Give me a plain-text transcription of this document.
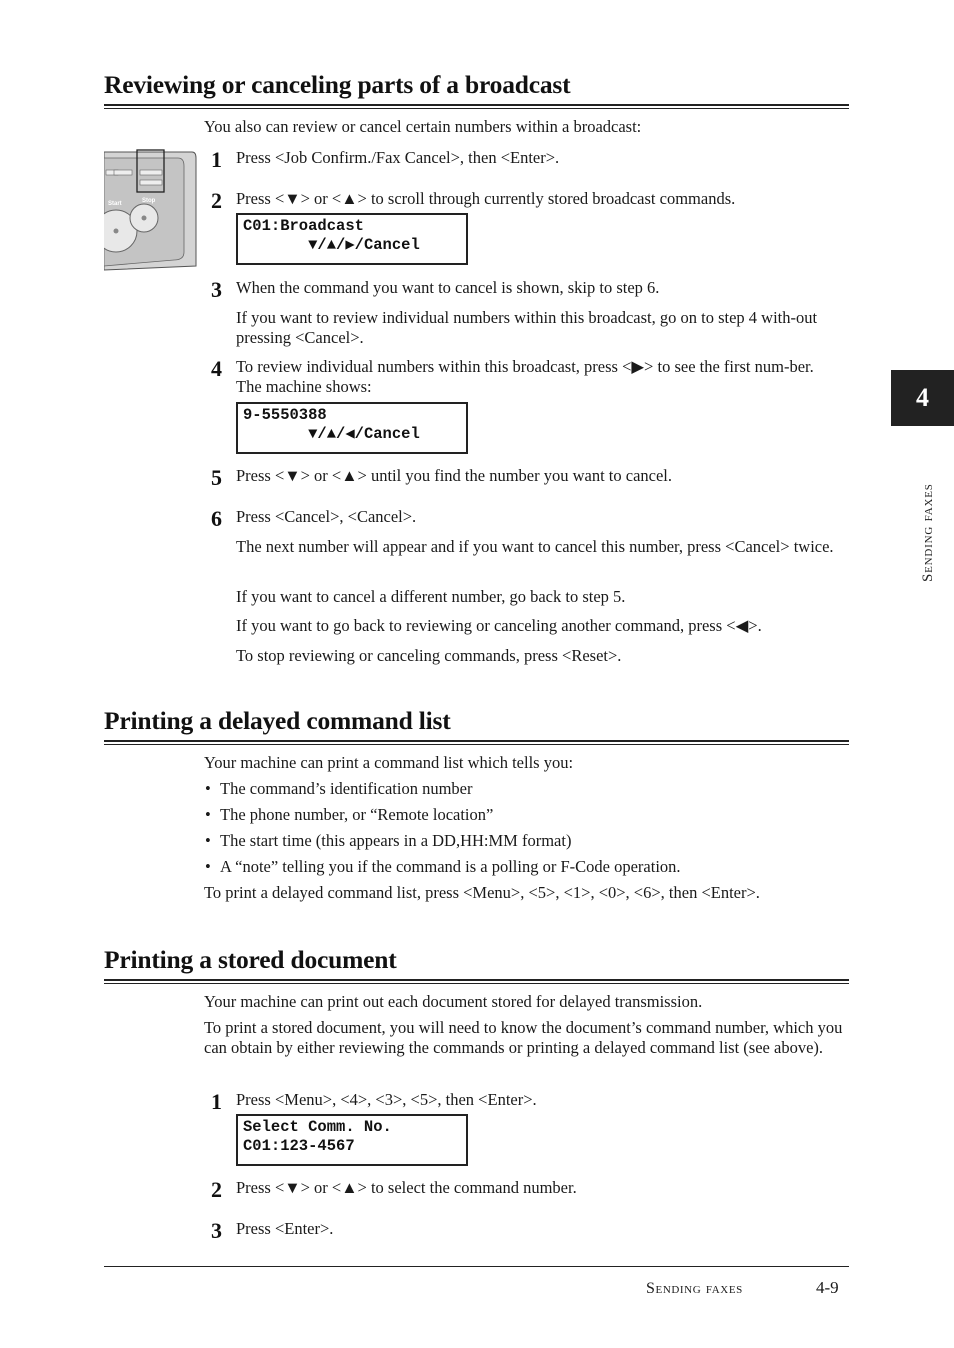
Reviewing or canceling parts of a broadcast
You also can review or cancel certain numbers within a broadcast:
Start	Stop
1 Press <Job Confirm./Fax Cancel>, then <Enter>.
2 Press <▼> or <▲> to scroll through currently stored broadcast commands.
C01:Broadcast
▼/▲/▶/Cancel
3 When the command you want to cancel is shown, skip to step 6.
If you want to review individual numbers within this broadcast, go on to step 4 with-out pressing <Cancel>.
4 To review individual numbers within this broadcast, press <▶> to see the first num-ber. The machine shows:
9-5550388
▼/▲/◀/Cancel
5 Press <▼> or <▲> until you find the number you want to cancel.
6 Press <Cancel>, <Cancel>.
The next number will appear and if you want to cancel this number, press <Cancel> twice.
If you want to cancel a different number, go back to step 5.
If you want to go back to reviewing or canceling another command, press <◀>.
To stop reviewing or canceling commands, press <Reset>.
Printing a delayed command list
Your machine can print a command list which tells you:
• The command’s identification number
• The phone number, or “Remote location”
• The start time (this appears in a DD,HH:MM format)
• A “note” telling you if the command is a polling or F-Code operation.
To print a delayed command list, press <Menu>, <5>, <1>, <0>, <6>, then <Enter>.
Printing a stored document
Your machine can print out each document stored for delayed transmission.
To print a stored document, you will need to know the document’s command number, which you can obtain by either reviewing the commands or printing a delayed command list (see above).
1 Press <Menu>, <4>, <3>, <5>, then <Enter>.
Select Comm. No.
C01:123-4567
2 Press <▼> or <▲> to select the command number.
3 Press <Enter>.
4
Sending faxes
Sending faxes	4-9
